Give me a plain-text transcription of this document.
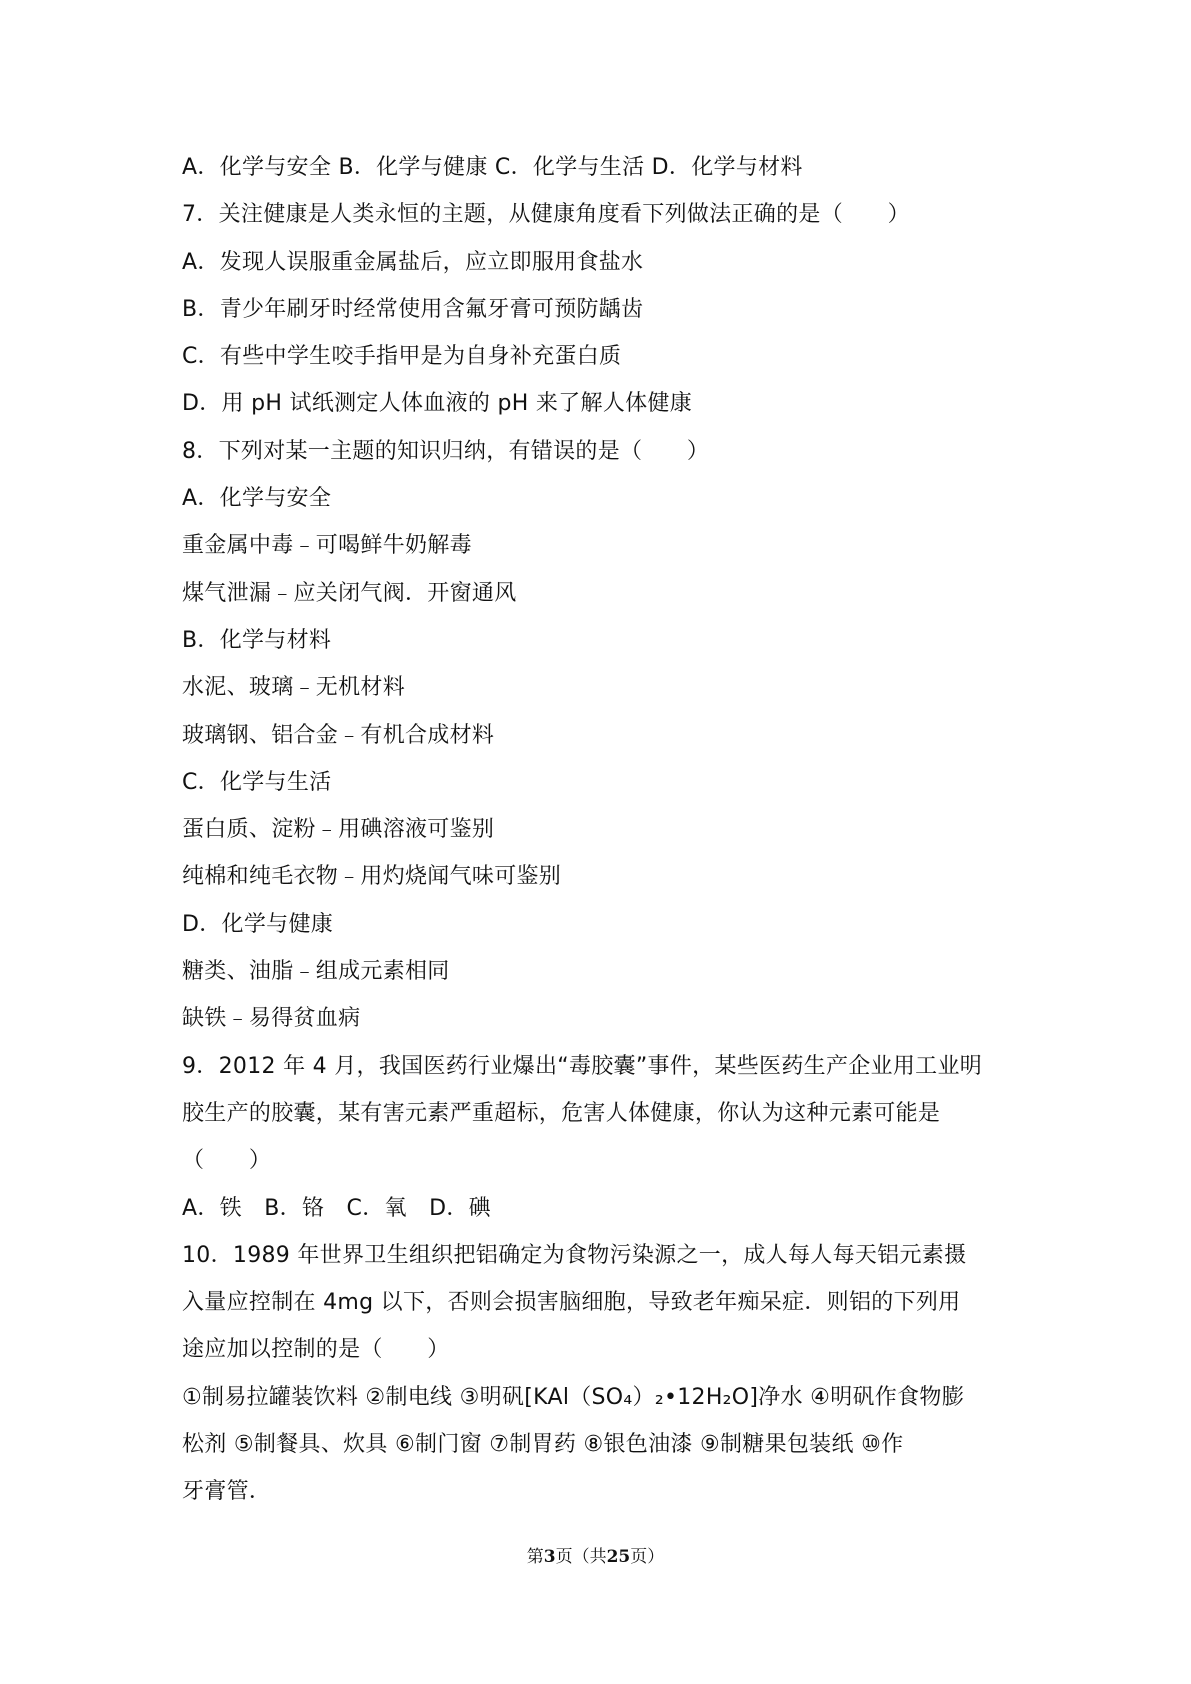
A．化学与安全 B．化学与健康 C．化学与生活 D．化学与材料
7．关注健康是人类永恒的主题，从健康角度看下列做法正确的是（　　）
A．发现人误服重金属盐后，应立即服用食盐水
B．青少年刷牙时经常使用含氟牙膏可预防龋齿
C．有些中学生咬手指甲是为自身补充蛋白质
D．用 pH 试纸测定人体血液的 pH 来了解人体健康
8．下列对某一主题的知识归纳，有错误的是（　　）
A．化学与安全
重金属中毒﹣可喝鲜牛奶解毒
煤气泄漏﹣应关闭气阀．开窗通风
B．化学与材料
水泥、玻璃﹣无机材料
玻璃钢、铝合金﹣有机合成材料
C．化学与生活
蛋白质、淀粉﹣用碘溶液可鉴别
纯棉和纯毛衣物﹣用灼烧闻气味可鉴别
D．化学与健康
糖类、油脂﹣组成元素相同
缺铁﹣易得贫血病
9．2012 年 4 月，我国医药行业爆出“毒胶囊”事件，某些医药生产企业用工业明
胶生产的胶囊，某有害元素严重超标，危害人体健康，你认为这种元素可能是
（　　）
A．铁　B．铬　C．氧　D．碘
10．1989 年世界卫生组织把铝确定为食物污染源之一，成人每人每天铝元素摄
入量应控制在 4mg 以下，否则会损害脑细胞，导致老年痴呆症．则铝的下列用
途应加以控制的是（　　）
①制易拉罐装饮料 ②制电线 ③明矾[KAl（SO₄）₂•12H₂O]净水 ④明矾作食物膨
松剂 ⑤制餐具、炊具 ⑥制门窗 ⑦制胃药 ⑧银色油漆 ⑨制糖果包装纸 ⑩作
牙膏管．
第3页（共25页）
